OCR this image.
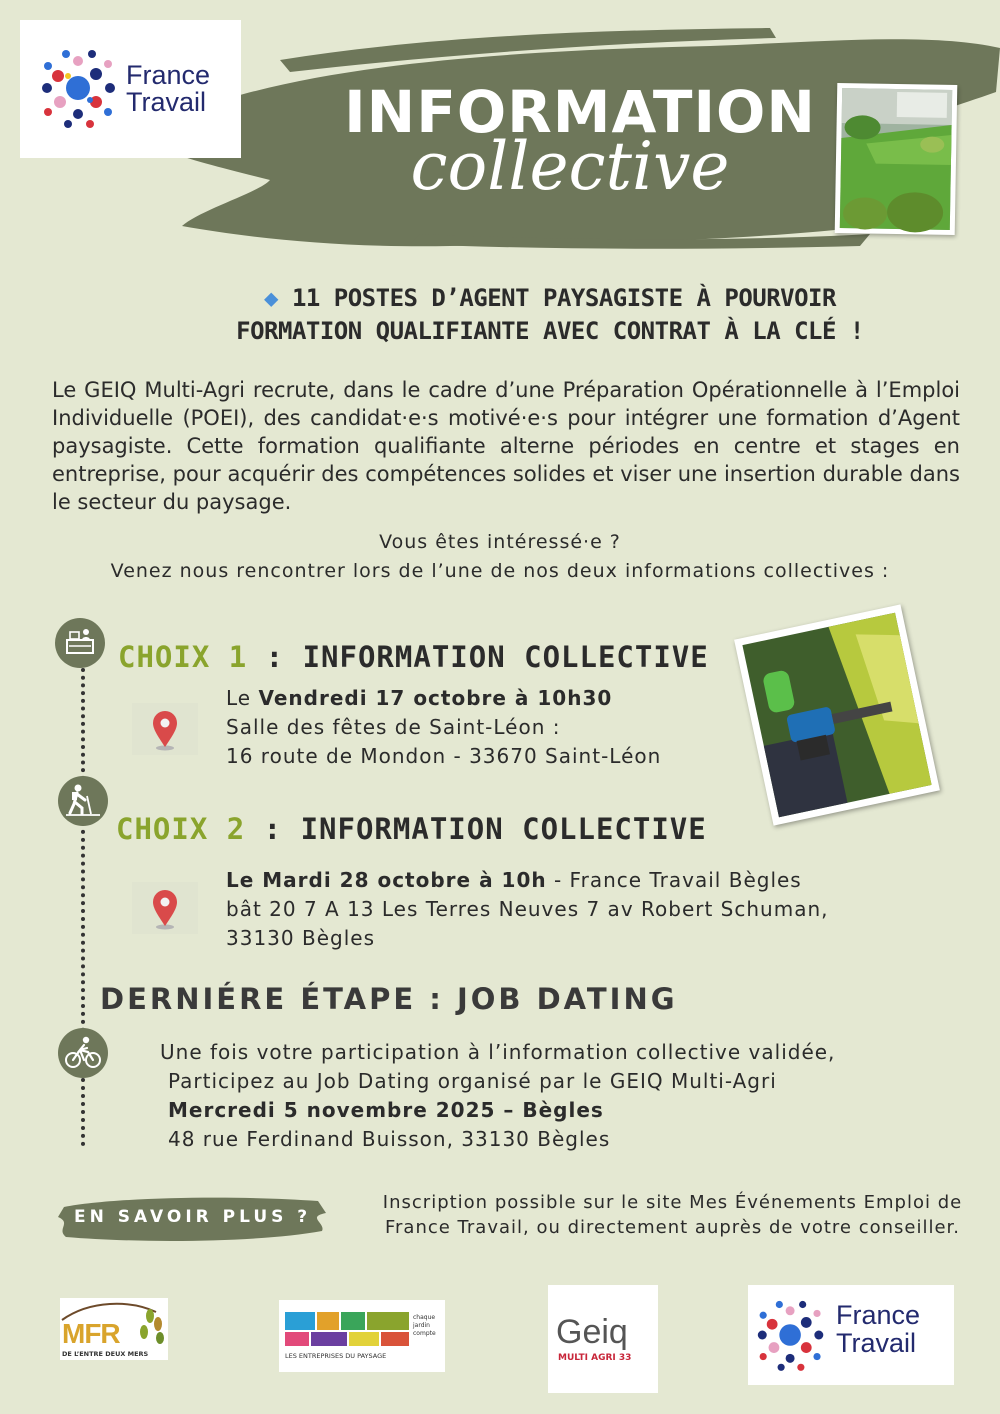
France
Travail	INFORMATION
collective
◆ 11 POSTES D’AGENT PAYSAGISTE À POURVOIR
FORMATION QUALIFIANTE AVEC CONTRAT À LA CLÉ !
Le GEIQ Multi-Agri recrute, dans le cadre d’une Préparation Opérationnelle à l’Emploi Individuelle (POEI), des candidat·e·s motivé·e·s pour intégrer une formation d’Agent paysagiste. Cette formation qualifiante alterne périodes en centre et stages en entreprise, pour acquérir des compétences solides et viser une insertion durable dans le secteur du paysage.
Vous êtes intéressé·e ?
Venez nous rencontrer lors de l’une de nos deux informations collectives :
CHOIX 1 : INFORMATION COLLECTIVE
Le Vendredi 17 octobre à 10h30
Salle des fêtes de Saint-Léon :
16 route de Mondon - 33670 Saint-Léon
CHOIX 2 : INFORMATION COLLECTIVE
Le Mardi 28 octobre à 10h - France Travail Bègles
bât 20 7 A 13 Les Terres Neuves 7 av Robert Schuman,
33130 Bègles
DERNIÉRE ÉTAPE : JOB DATING
Une fois votre participation à l’information collective validée,
Participez au Job Dating organisé par le GEIQ Multi-Agri
Mercredi 5 novembre 2025 – Bègles
48 rue Ferdinand Buisson, 33130 Bègles
EN SAVOIR PLUS ?
Inscription possible sur le site Mes Événements Emploi de France Travail, ou directement auprès de votre conseiller.
MFR
DE L’ENTRE DEUX MERS
chaque jardin compte
LES ENTREPRISES DU PAYSAGE
Geiq
MULTI AGRI 33
France
Travail
